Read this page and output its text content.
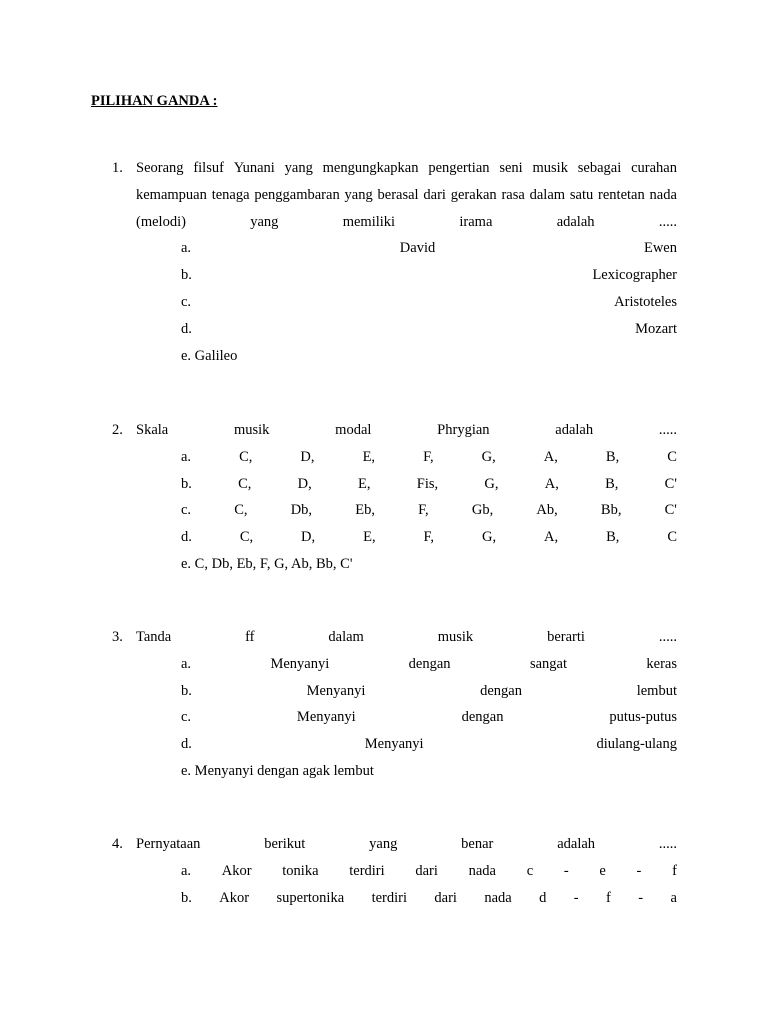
PILIHAN GANDA :
1. Seorang filsuf Yunani yang mengungkapkan pengertian seni musik sebagai curahan
kemampuan tenaga penggambaran yang berasal dari gerakan rasa dalam satu rentetan nada
(melodi)	yang	memiliki	irama	adalah	.....
a.	David	Ewen
b.	Lexicographer
c.	Aristoteles
d.	Mozart
e. Galileo
2. Skala	musik	modal	Phrygian	adalah	.....
a.	C,	D,	E,	F,	G,	A,	B,	C
b.	C,	D,	E,	Fis,	G,	A,	B,	C'
c.	C,	Db,	Eb,	F,	Gb,	Ab,	Bb,	C'
d.	C,	D,	E,	F,	G,	A,	B,	C
e. C, Db, Eb, F, G, Ab, Bb, C'
3. Tanda	ff	dalam	musik	berarti	.....
a.	Menyanyi	dengan	sangat	keras
b.	Menyanyi	dengan	lembut
c.	Menyanyi	dengan	putus-putus
d.	Menyanyi	diulang-ulang
e. Menyanyi dengan agak lembut
4. Pernyataan	berikut	yang	benar	adalah	.....
a. Akor tonika terdiri dari nada c - e - f
b. Akor supertonika terdiri dari nada d - f - a
